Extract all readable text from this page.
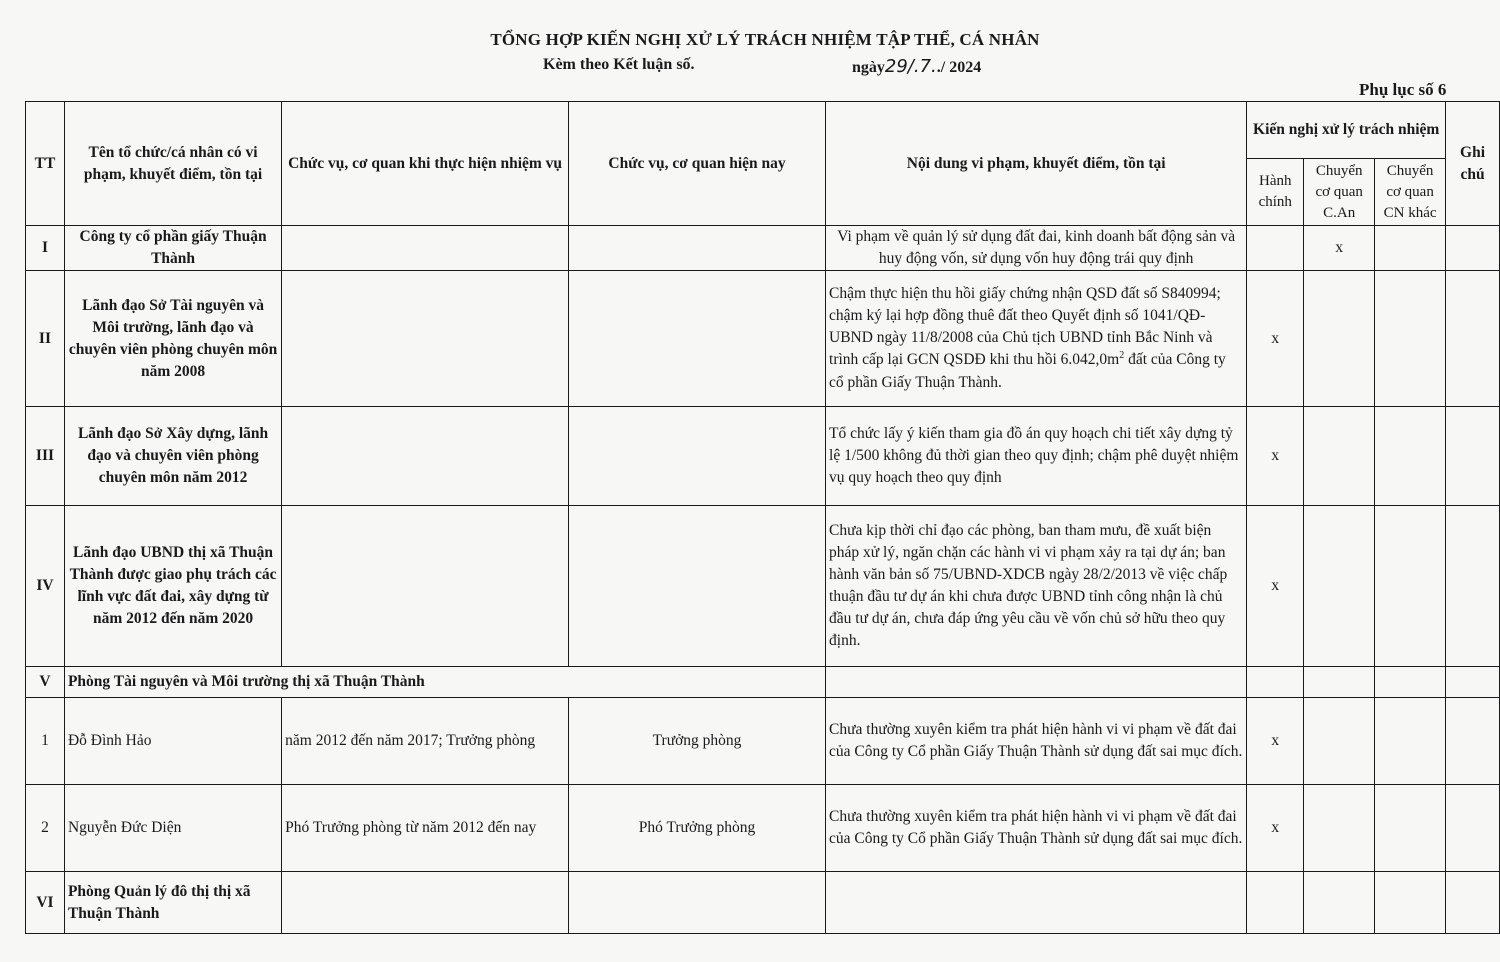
TỔNG HỢP KIẾN NGHỊ XỬ LÝ TRÁCH NHIỆM TẬP THỂ, CÁ NHÂN
Kèm theo Kết luận số.	ngày29/.7../ 2024
Phụ lục số 6
TT	Tên tổ chức/cá nhân có vi phạm, khuyết điểm, tồn tại	Chức vụ, cơ quan khi thực hiện nhiệm vụ	Chức vụ, cơ quan hiện nay	Nội dung vi phạm, khuyết điểm, tồn tại	Kiến nghị xử lý trách nhiệm			Ghi chú
					Hành chính	Chuyển cơ quan C.An	Chuyển cơ quan CN khác	
I	Công ty cổ phần giấy Thuận Thành			Vi phạm về quản lý sử dụng đất đai, kinh doanh bất động sản và huy động vốn, sử dụng vốn huy động trái quy định		x		
II	Lãnh đạo Sở Tài nguyên và Môi trường, lãnh đạo và chuyên viên phòng chuyên môn năm 2008			Chậm thực hiện thu hồi giấy chứng nhận QSD đất số S840994; chậm ký lại hợp đồng thuê đất theo Quyết định số 1041/QĐ-UBND ngày 11/8/2008 của Chủ tịch UBND tỉnh Bắc Ninh và trình cấp lại GCN QSDĐ khi thu hồi $6.042,0m^2$ đất của Công ty cổ phần Giấy Thuận Thành.	x			
III	Lãnh đạo Sở Xây dựng, lãnh đạo và chuyên viên phòng chuyên môn năm 2012			Tổ chức lấy ý kiến tham gia đồ án quy hoạch chi tiết xây dựng tỷ lệ 1/500 không đủ thời gian theo quy định; chậm phê duyệt nhiệm vụ quy hoạch theo quy định	x			
IV	Lãnh đạo UBND thị xã Thuận Thành được giao phụ trách các lĩnh vực đất đai, xây dựng từ năm 2012 đến năm 2020			Chưa kịp thời chỉ đạo các phòng, ban tham mưu, đề xuất biện pháp xử lý, ngăn chặn các hành vi vi phạm xảy ra tại dự án; ban hành văn bản số 75/UBND-XDCB ngày 28/2/2013 về việc chấp thuận đầu tư dự án khi chưa được UBND tỉnh công nhận là chủ đầu tư dự án, chưa đáp ứng yêu cầu về vốn chủ sở hữu theo quy định.	x			
V	Phòng Tài nguyên và Môi trường thị xã Thuận Thành							
1	Đỗ Đình Hảo	năm 2012 đến năm 2017; Trưởng phòng	Trưởng phòng	Chưa thường xuyên kiểm tra phát hiện hành vi vi phạm về đất đai của Công ty Cổ phần Giấy Thuận Thành sử dụng đất sai mục đích.	x			
2	Nguyễn Đức Diện	Phó Trưởng phòng từ năm 2012 đến nay	Phó Trưởng phòng	Chưa thường xuyên kiểm tra phát hiện hành vi vi phạm về đất đai của Công ty Cổ phần Giấy Thuận Thành sử dụng đất sai mục đích.	x			
VI	Phòng Quản lý đô thị thị xã Thuận Thành							
